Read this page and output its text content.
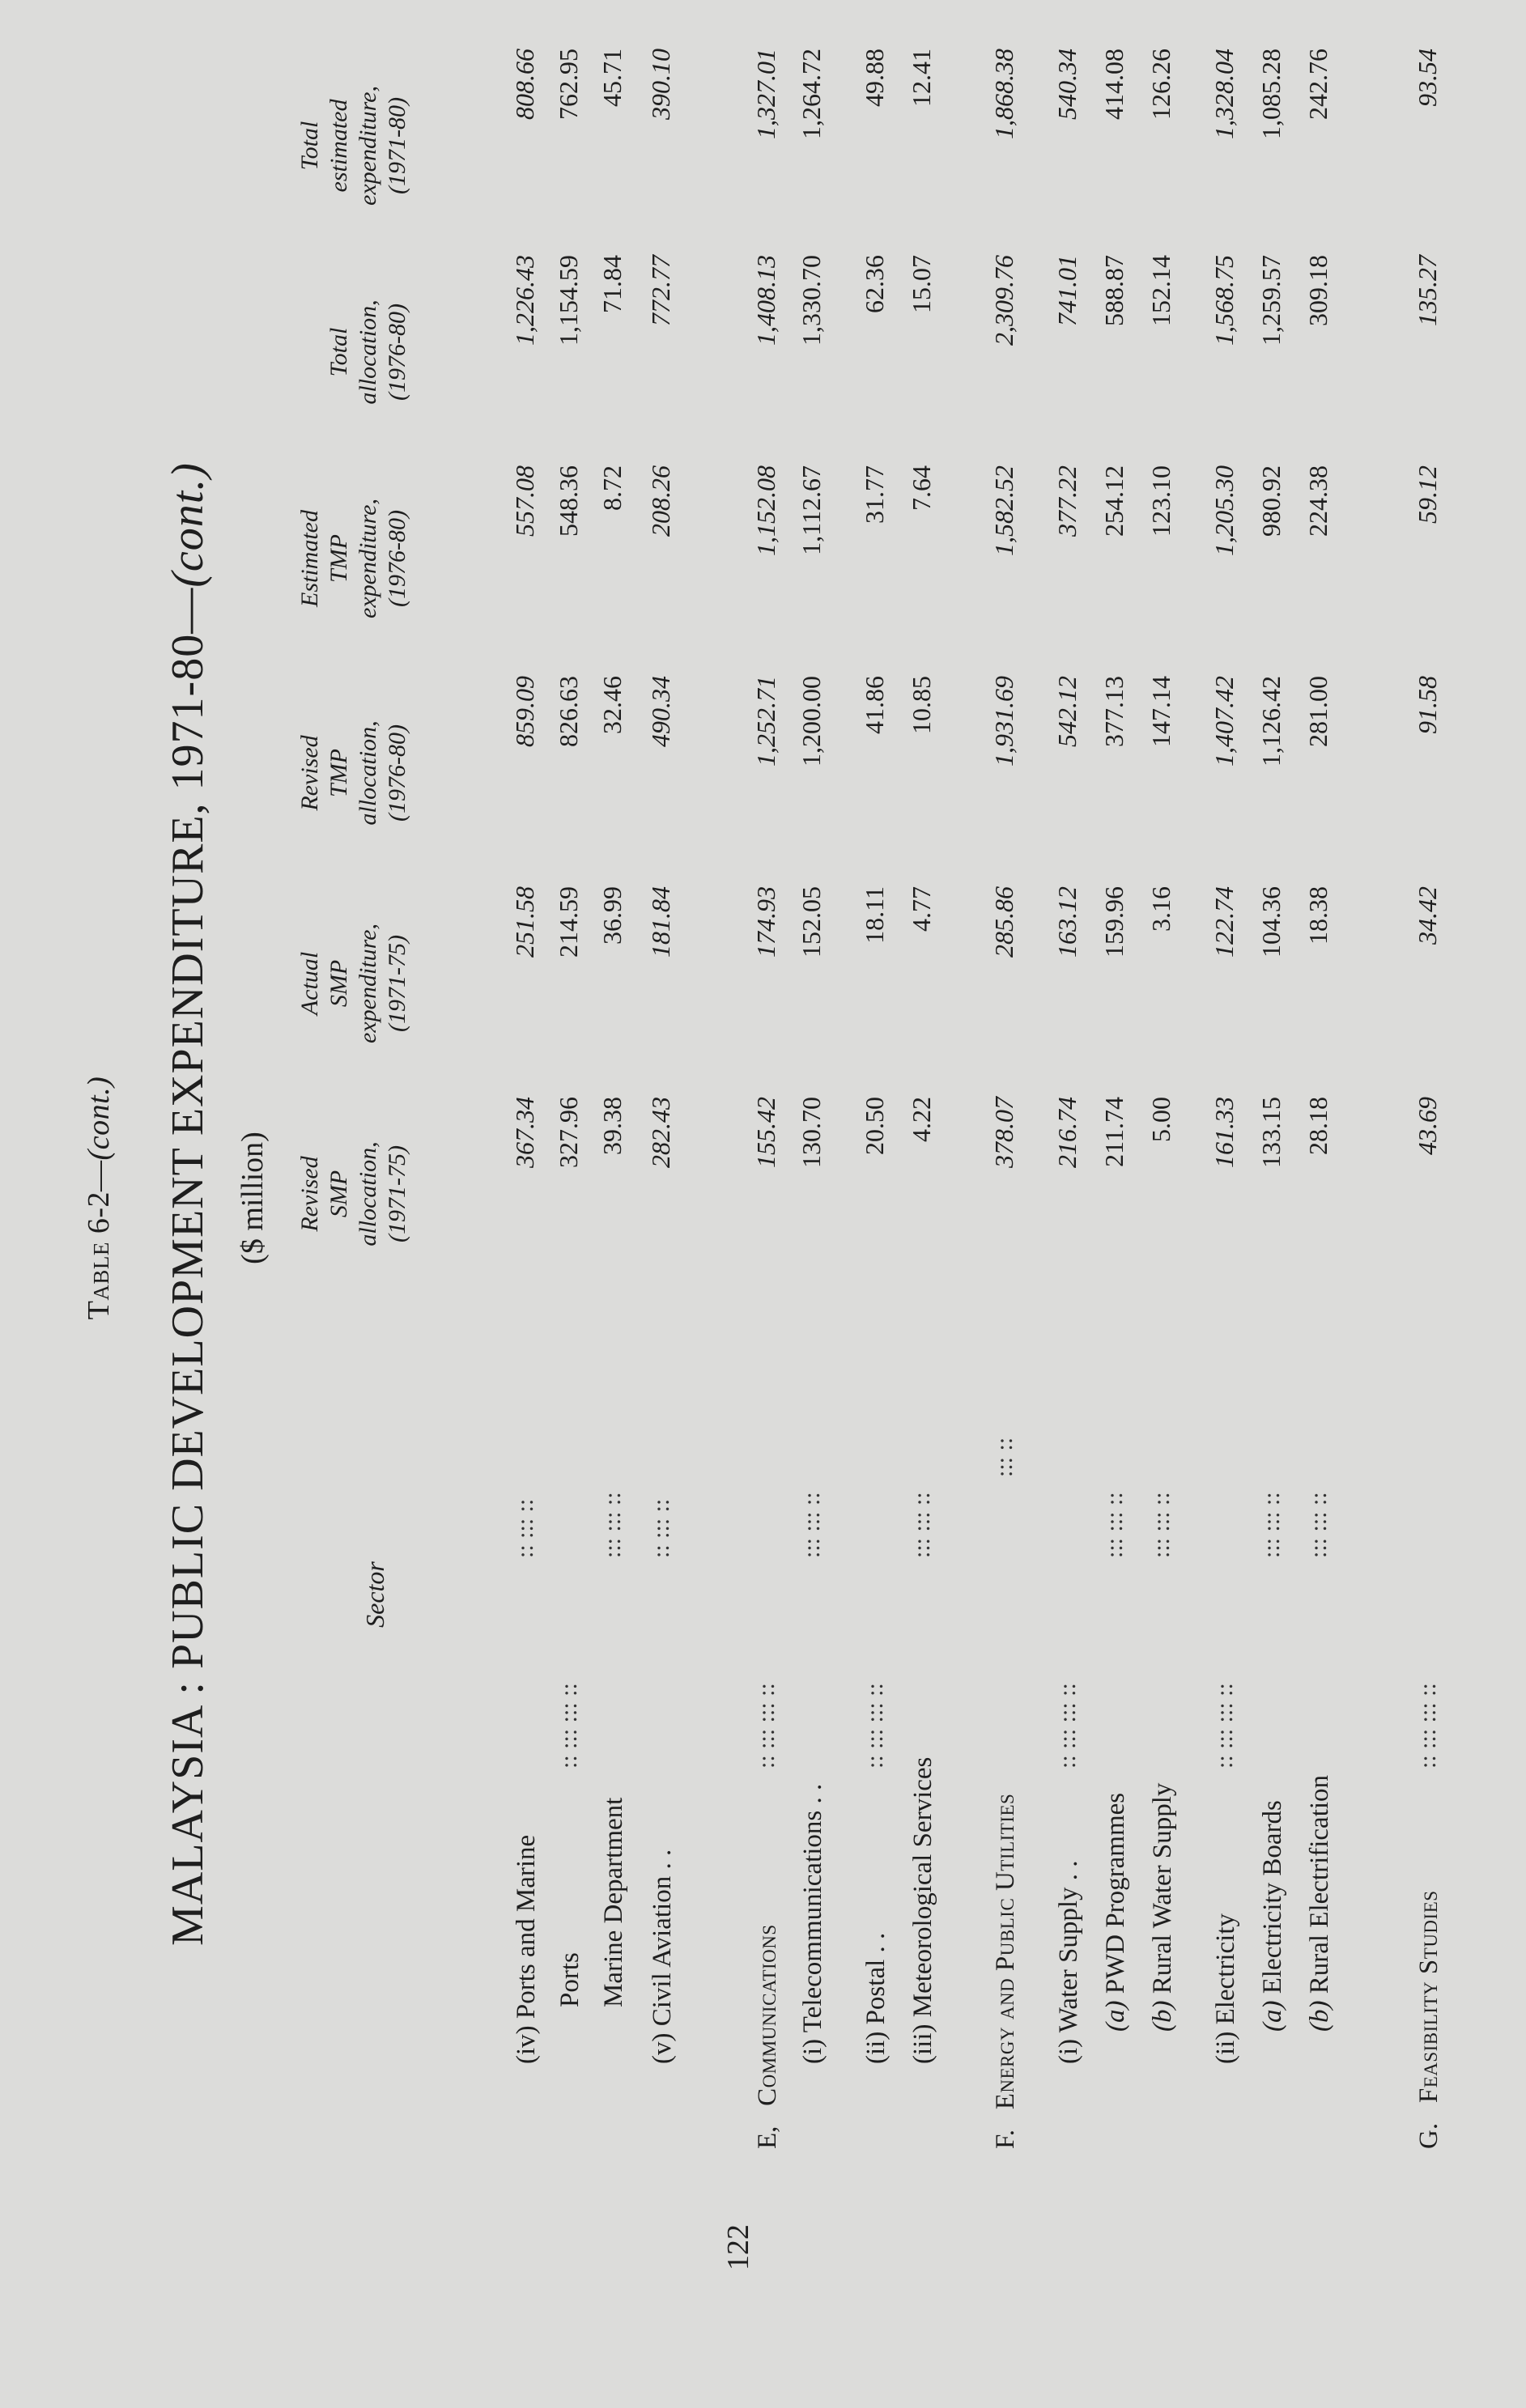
Table 6-2—(cont.) MALAYSIA : PUBLIC DEVELOPMENT EXPENDITURE, 1971-80—(cont.)
($ million)
Sector
Revised SMP allocation, (1971-75)
Actual SMP expenditure, (1971-75)
Revised TMP allocation, (1976-80)
Estimated TMP expenditure, (1976-80)
Total allocation, (1976-80)
Total estimated expenditure, (1971-80)
(iv) Ports and Marine
:: ::: ::
367.34
251.58
859.09
557.08
1,226.43
808.66
Ports
:: ::: ::: ::
327.96
214.59
826.63
548.36
1,154.59
762.95
Marine Department
::: ::: ::
39.38
36.99
32.46
8.72
71.84
45.71
(v) Civil Aviation . .
:: ::: ::
282.43
181.84
490.34
208.26
772.77
390.10
E,   Communications
:: ::: ::: ::
155.42
174.93
1,252.71
1,152.08
1,408.13
1,327.01
(i) Telecommunications . .
::: ::: ::
130.70
152.05
1,200.00
1,112.67
1,330.70
1,264.72
(ii) Postal . .
:: ::: ::: ::
20.50
18.11
41.86
31.77
62.36
49.88
(iii) Meteorological Services
::: ::: ::
4.22
4.77
10.85
7.64
15.07
12.41
F.   Energy and Public Utilities
::: ::
378.07
285.86
1,931.69
1,582.52
2,309.76
1,868.38
(i) Water Supply . .
:: ::: ::: ::
216.74
163.12
542.12
377.22
741.01
540.34
(a) PWD Programmes
::: ::: ::
211.74
159.96
377.13
254.12
588.87
414.08
(b) Rural Water Supply
::: ::: ::
5.00
3.16
147.14
123.10
152.14
126.26
(ii) Electricity
:: ::: ::: ::
161.33
122.74
1,407.42
1,205.30
1,568.75
1,328.04
(a) Electricity Boards
::: ::: ::
133.15
104.36
1,126.42
980.92
1,259.57
1,085.28
(b) Rural Electrification
::: ::: ::
28.18
18.38
281.00
224.38
309.18
242.76
G.   Feasibility Studies
:: ::: ::: ::
43.69
34.42
91.58
59.12
135.27
93.54
122
